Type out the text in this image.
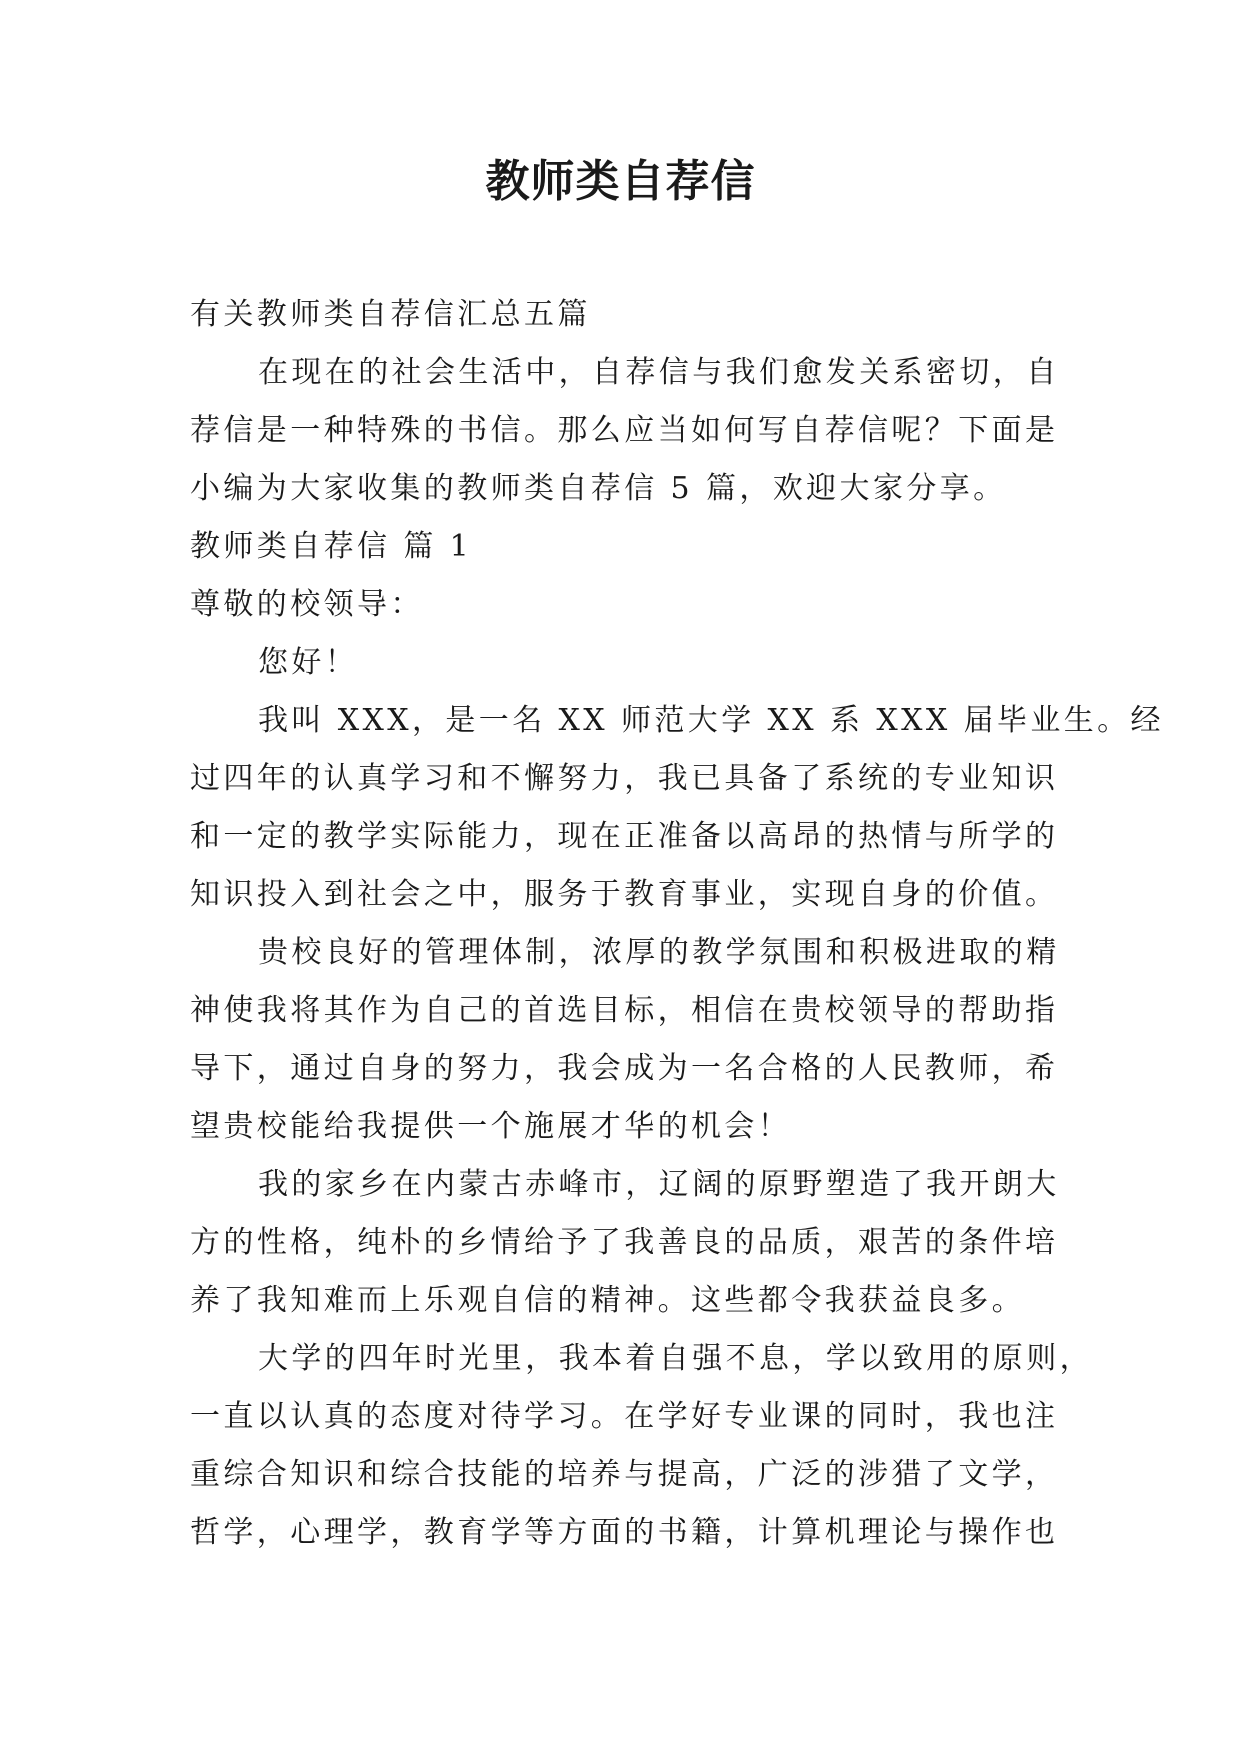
教师类自荐信

有关教师类自荐信汇总五篇

在现在的社会生活中，自荐信与我们愈发关系密切，自

荐信是一种特殊的书信。那么应当如何写自荐信呢？下面是

小编为大家收集的教师类自荐信 5 篇，欢迎大家分享。

教师类自荐信 篇 1

尊敬的校领导：

您好！

我叫 XXX，是一名 XX 师范大学 XX 系 XXX 届毕业生。经

过四年的认真学习和不懈努力，我已具备了系统的专业知识

和一定的教学实际能力，现在正准备以高昂的热情与所学的

知识投入到社会之中，服务于教育事业，实现自身的价值。

贵校良好的管理体制，浓厚的教学氛围和积极进取的精

神使我将其作为自己的首选目标，相信在贵校领导的帮助指

导下，通过自身的努力，我会成为一名合格的人民教师，希

望贵校能给我提供一个施展才华的机会！

我的家乡在内蒙古赤峰市，辽阔的原野塑造了我开朗大

方的性格，纯朴的乡情给予了我善良的品质，艰苦的条件培

养了我知难而上乐观自信的精神。这些都令我获益良多。

大学的四年时光里，我本着自强不息，学以致用的原则，

一直以认真的态度对待学习。在学好专业课的同时，我也注

重综合知识和综合技能的培养与提高，广泛的涉猎了文学，

哲学，心理学，教育学等方面的书籍，计算机理论与操作也
